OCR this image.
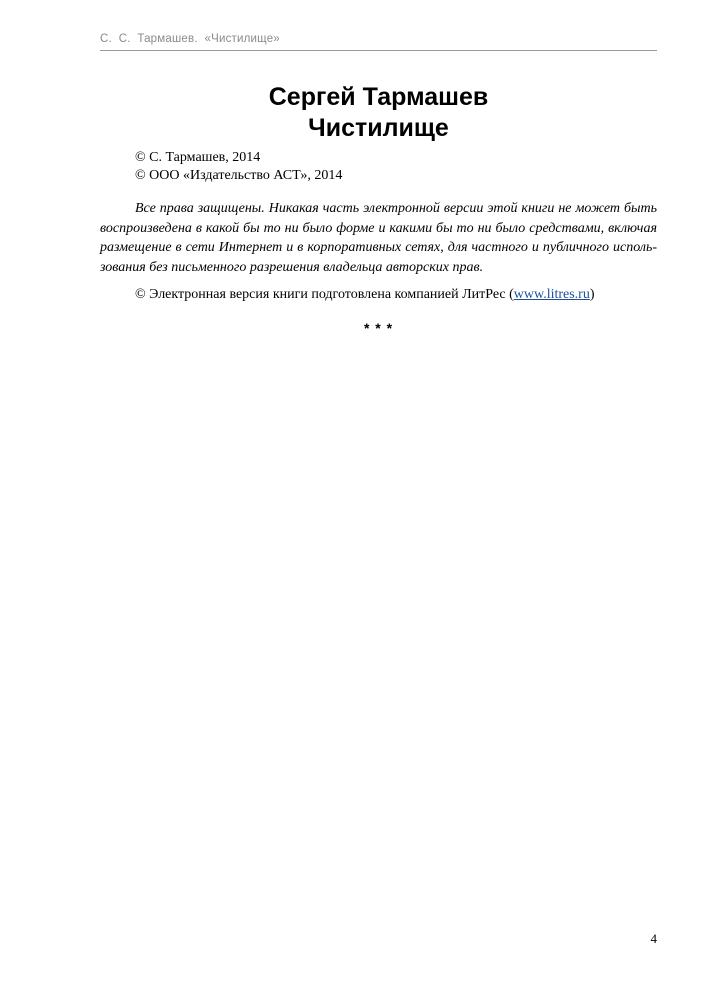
С.  С.  Тармашев.  «Чистилище»
Сергей Тармашев
Чистилище
© С. Тармашев, 2014
© ООО «Издательство АСТ», 2014
Все права защищены. Никакая часть электронной версии этой книги не может быть
воспроизведена в какой бы то ни было форме и какими бы то ни было средствами, включая
размещение в сети Интернет и в корпоративных сетях, для частного и публичного исполь-
зования без письменного разрешения владельца авторских прав.
© Электронная версия книги подготовлена компанией ЛитРес (www.litres.ru)
* * *
4
